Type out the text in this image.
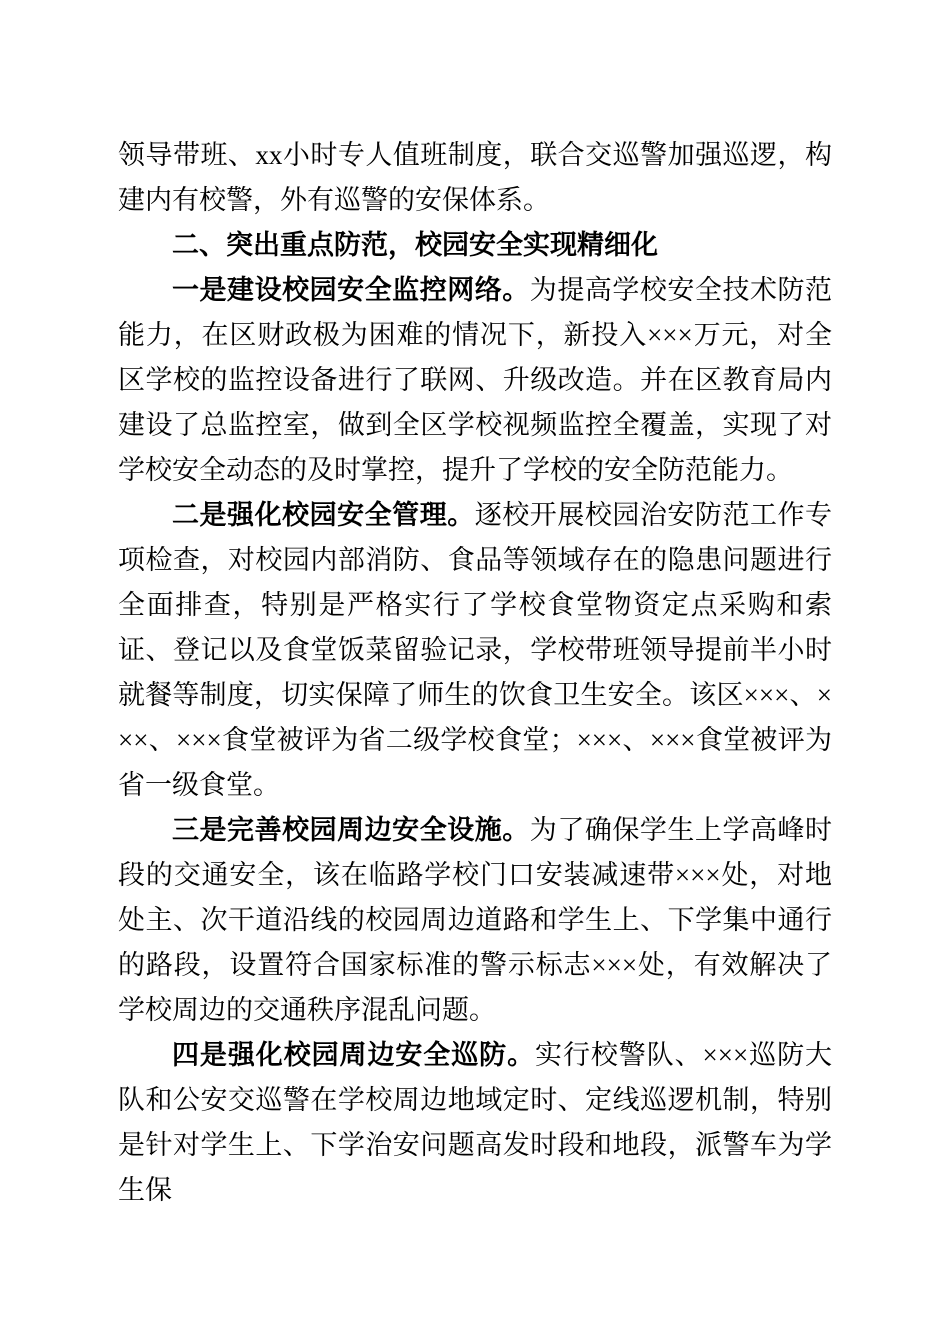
领导带班、xx小时专人值班制度，联合交巡警加强巡逻，构建内有校警，外有巡警的安保体系。

二、突出重点防范，校园安全实现精细化

一是建设校园安全监控网络。为提高学校安全技术防范能力，在区财政极为困难的情况下，新投入×××万元，对全区学校的监控设备进行了联网、升级改造。并在区教育局内建设了总监控室，做到全区学校视频监控全覆盖，实现了对学校安全动态的及时掌控，提升了学校的安全防范能力。

二是强化校园安全管理。逐校开展校园治安防范工作专项检查，对校园内部消防、食品等领域存在的隐患问题进行全面排查，特别是严格实行了学校食堂物资定点采购和索证、登记以及食堂饭菜留验记录，学校带班领导提前半小时就餐等制度，切实保障了师生的饮食卫生安全。该区×××、×××、×××食堂被评为省二级学校食堂；×××、×××食堂被评为省一级食堂。

三是完善校园周边安全设施。为了确保学生上学高峰时段的交通安全，该在临路学校门口安装减速带×××处，对地处主、次干道沿线的校园周边道路和学生上、下学集中通行的路段，设置符合国家标准的警示标志×××处，有效解决了学校周边的交通秩序混乱问题。

四是强化校园周边安全巡防。实行校警队、×××巡防大队和公安交巡警在学校周边地域定时、定线巡逻机制，特别是针对学生上、下学治安问题高发时段和地段，派警车为学生保
